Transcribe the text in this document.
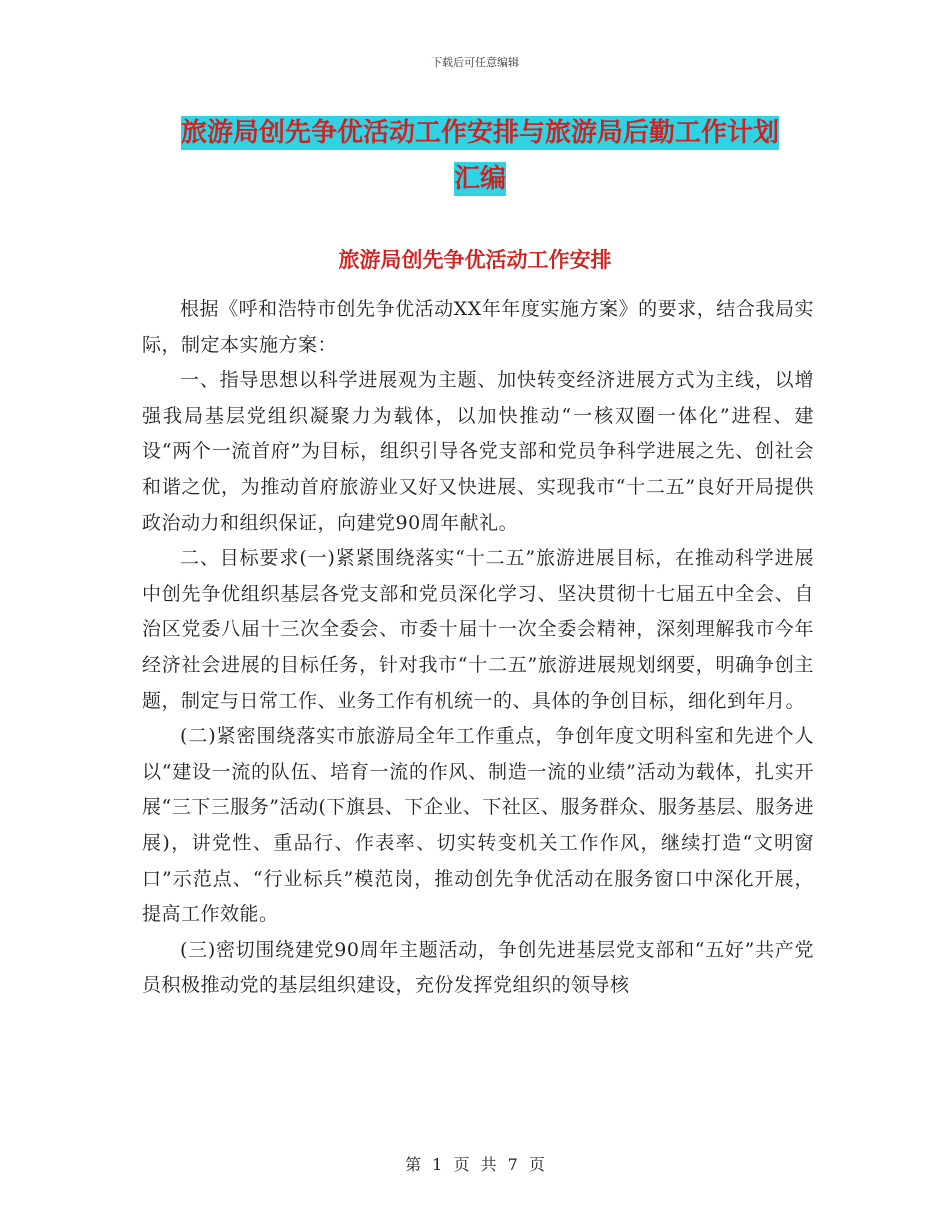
下载后可任意编辑
旅游局创先争优活动工作安排与旅游局后勤工作计划
汇编
旅游局创先争优活动工作安排

根据《呼和浩特市创先争优活动XX年年度实施方案》的要求，结合我局实际，制定本实施方案：

一、指导思想以科学进展观为主题、加快转变经济进展方式为主线，以增强我局基层党组织凝聚力为载体，以加快推动“一核双圈一体化”进程、建设“两个一流首府”为目标，组织引导各党支部和党员争科学进展之先、创社会和谐之优，为推动首府旅游业又好又快进展、实现我市“十二五”良好开局提供政治动力和组织保证，向建党90周年献礼。

二、目标要求(一)紧紧围绕落实“十二五”旅游进展目标，在推动科学进展中创先争优组织基层各党支部和党员深化学习、坚决贯彻十七届五中全会、自治区党委八届十三次全委会、市委十届十一次全委会精神，深刻理解我市今年经济社会进展的目标任务，针对我市“十二五”旅游进展规划纲要，明确争创主题，制定与日常工作、业务工作有机统一的、具体的争创目标，细化到年月。

(二)紧密围绕落实市旅游局全年工作重点，争创年度文明科室和先进个人以“建设一流的队伍、培育一流的作风、制造一流的业绩”活动为载体，扎实开展“三下三服务”活动(下旗县、下企业、下社区、服务群众、服务基层、服务进展)，讲党性、重品行、作表率、切实转变机关工作作风，继续打造“文明窗口”示范点、“行业标兵”模范岗，推动创先争优活动在服务窗口中深化开展，提高工作效能。

(三)密切围绕建党90周年主题活动，争创先进基层党支部和“五好”共产党员积极推动党的基层组织建设，充份发挥党组织的领导核

第 1 页 共 7 页
